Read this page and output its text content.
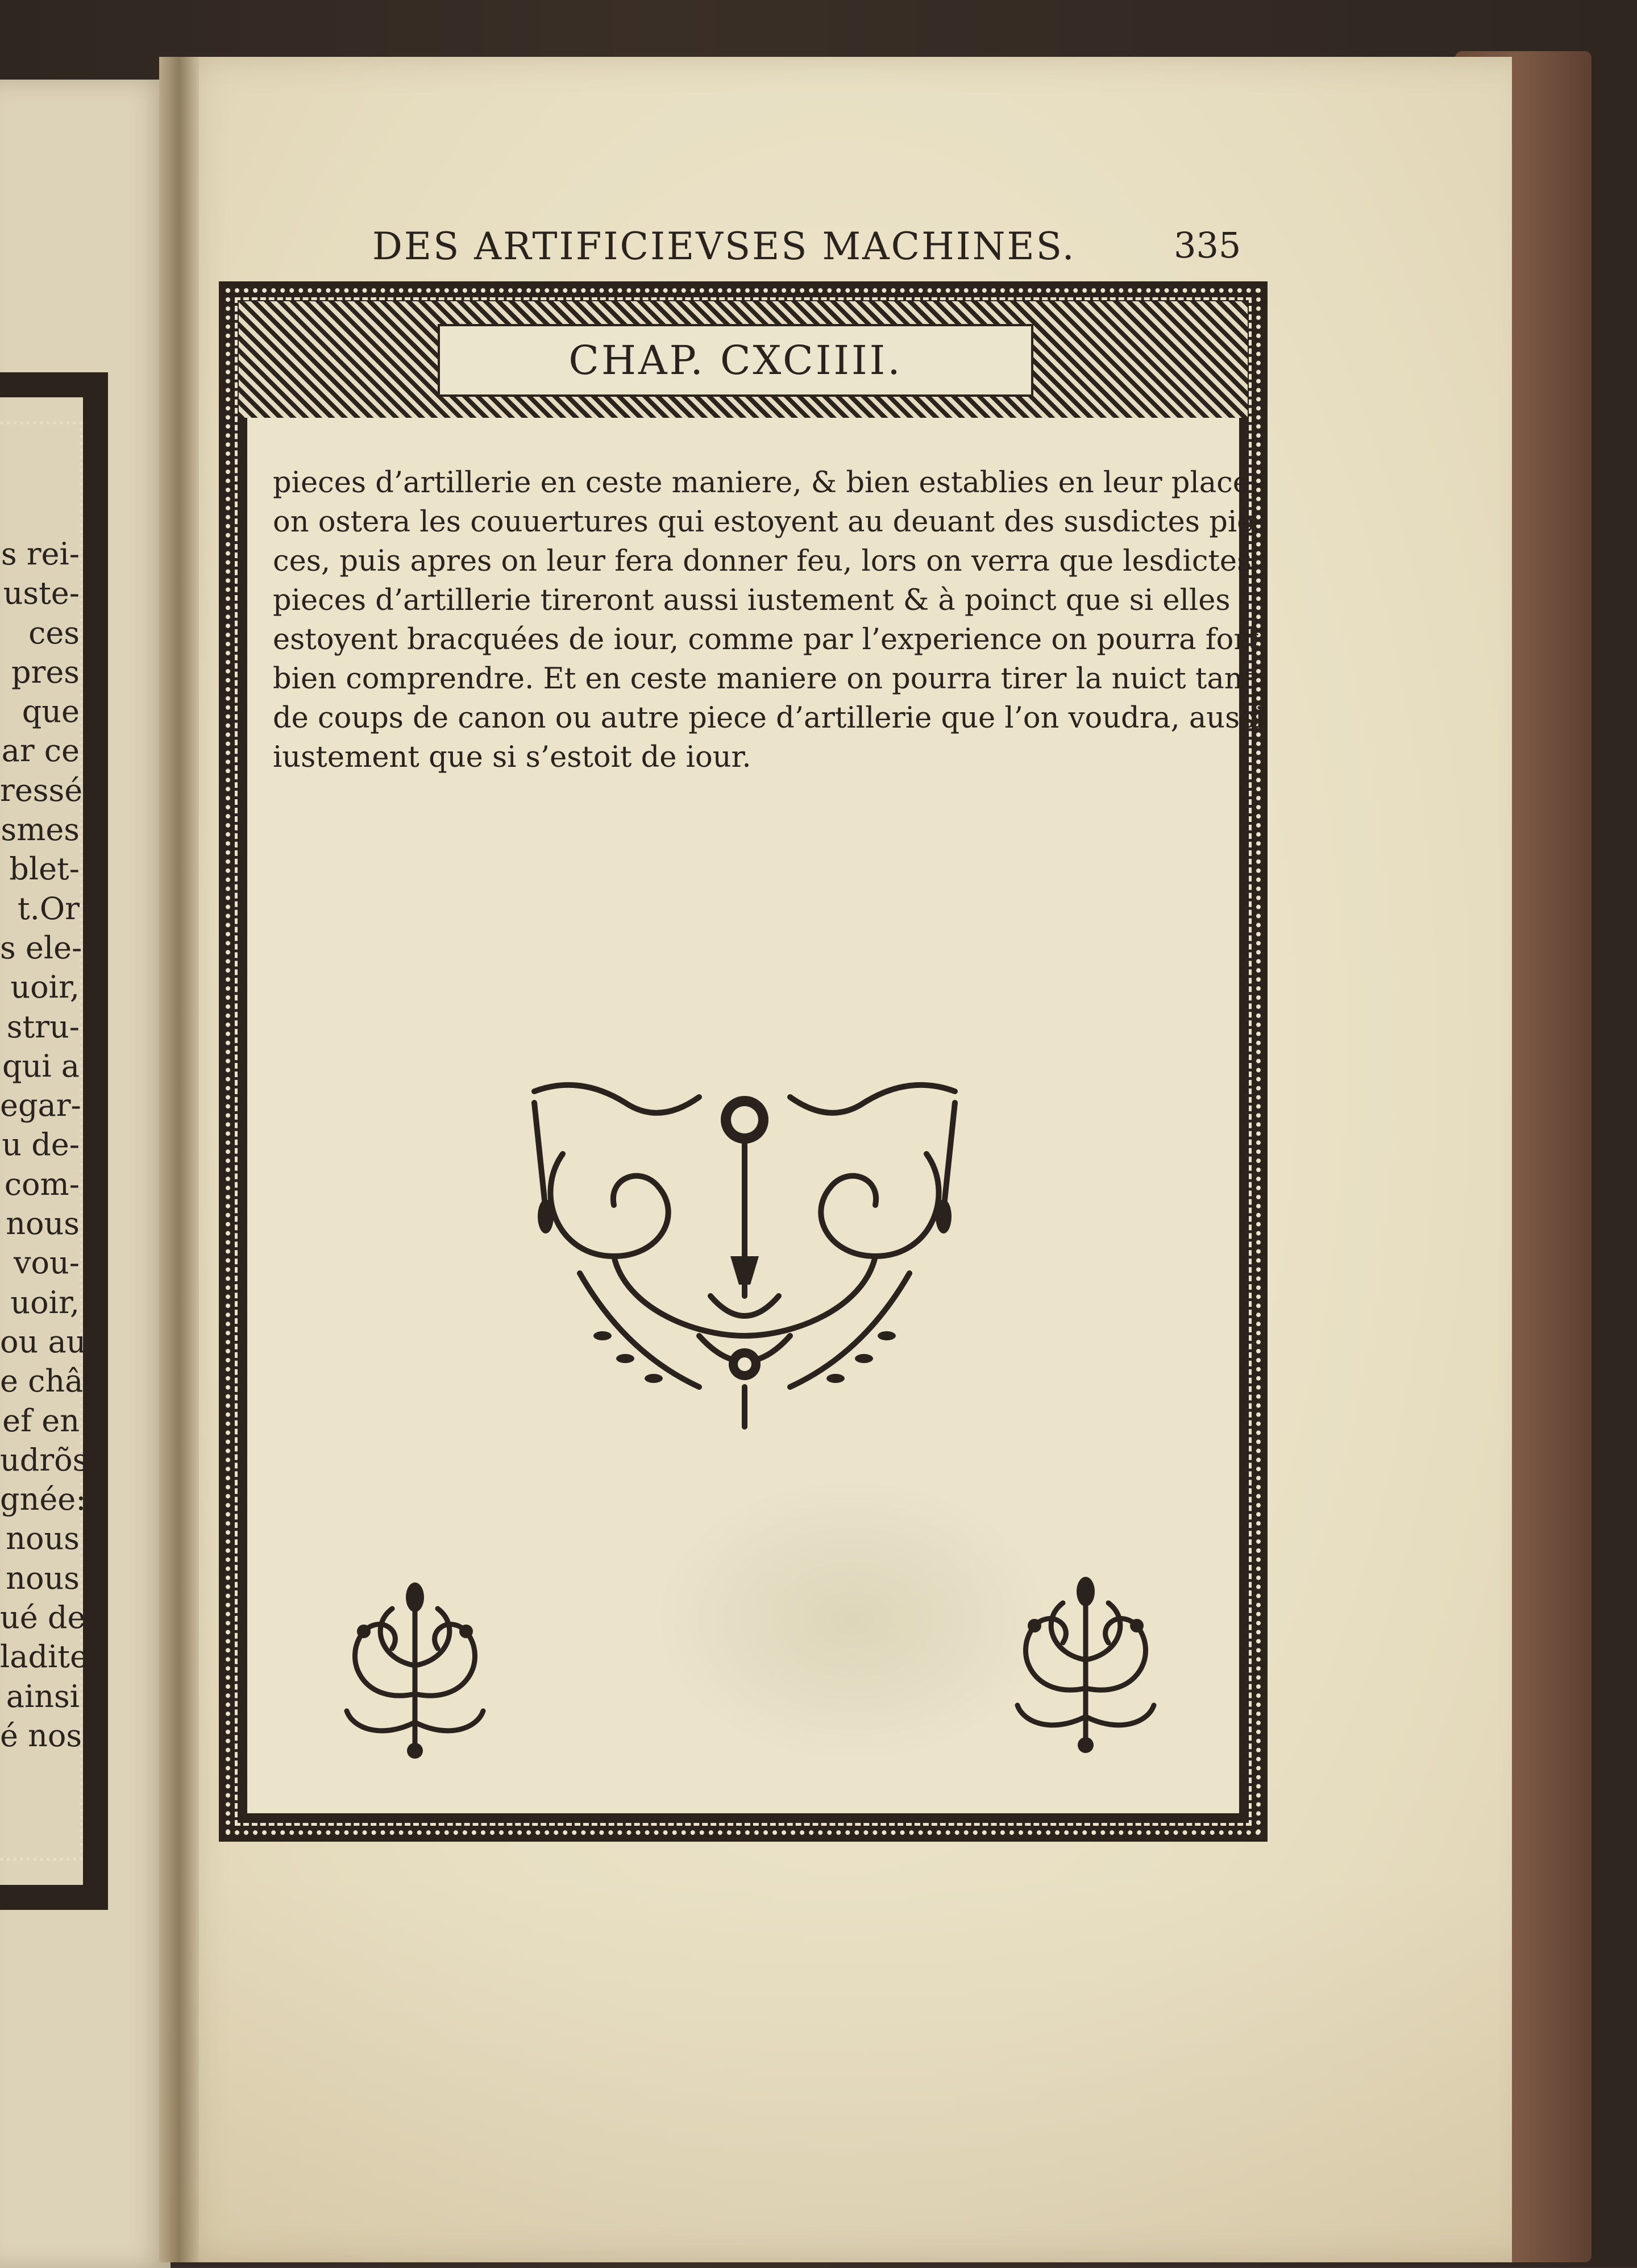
s rei-
uste-
ces
pres
que
ar ce
ressé
smes
blet-
t.Or
s ele-
uoir,
stru-
qui a
egar-
u de-
com-
nous
vou-
uoir,
ou au-
e châ-
ef en
udrõs
gnée:
nous
nous
ué de
ladite
ainsi
é nos
DES ARTIFICIEVSES MACHINES.	335
CHAP. CXCIIII.
pieces d’artillerie en ceste maniere, & bien establies en leur place,
on ostera les couuertures qui estoyent au deuant des susdictes pie-
ces, puis apres on leur fera donner feu, lors on verra que lesdictes
pieces d’artillerie tireront aussi iustement & à poinct que si elles
estoyent bracquées de iour, comme par l’experience on pourra fort
bien comprendre. Et en ceste maniere on pourra tirer la nuict tant
de coups de canon ou autre piece d’artillerie que l’on voudra, aussi
iustement que si s’estoit de iour.
